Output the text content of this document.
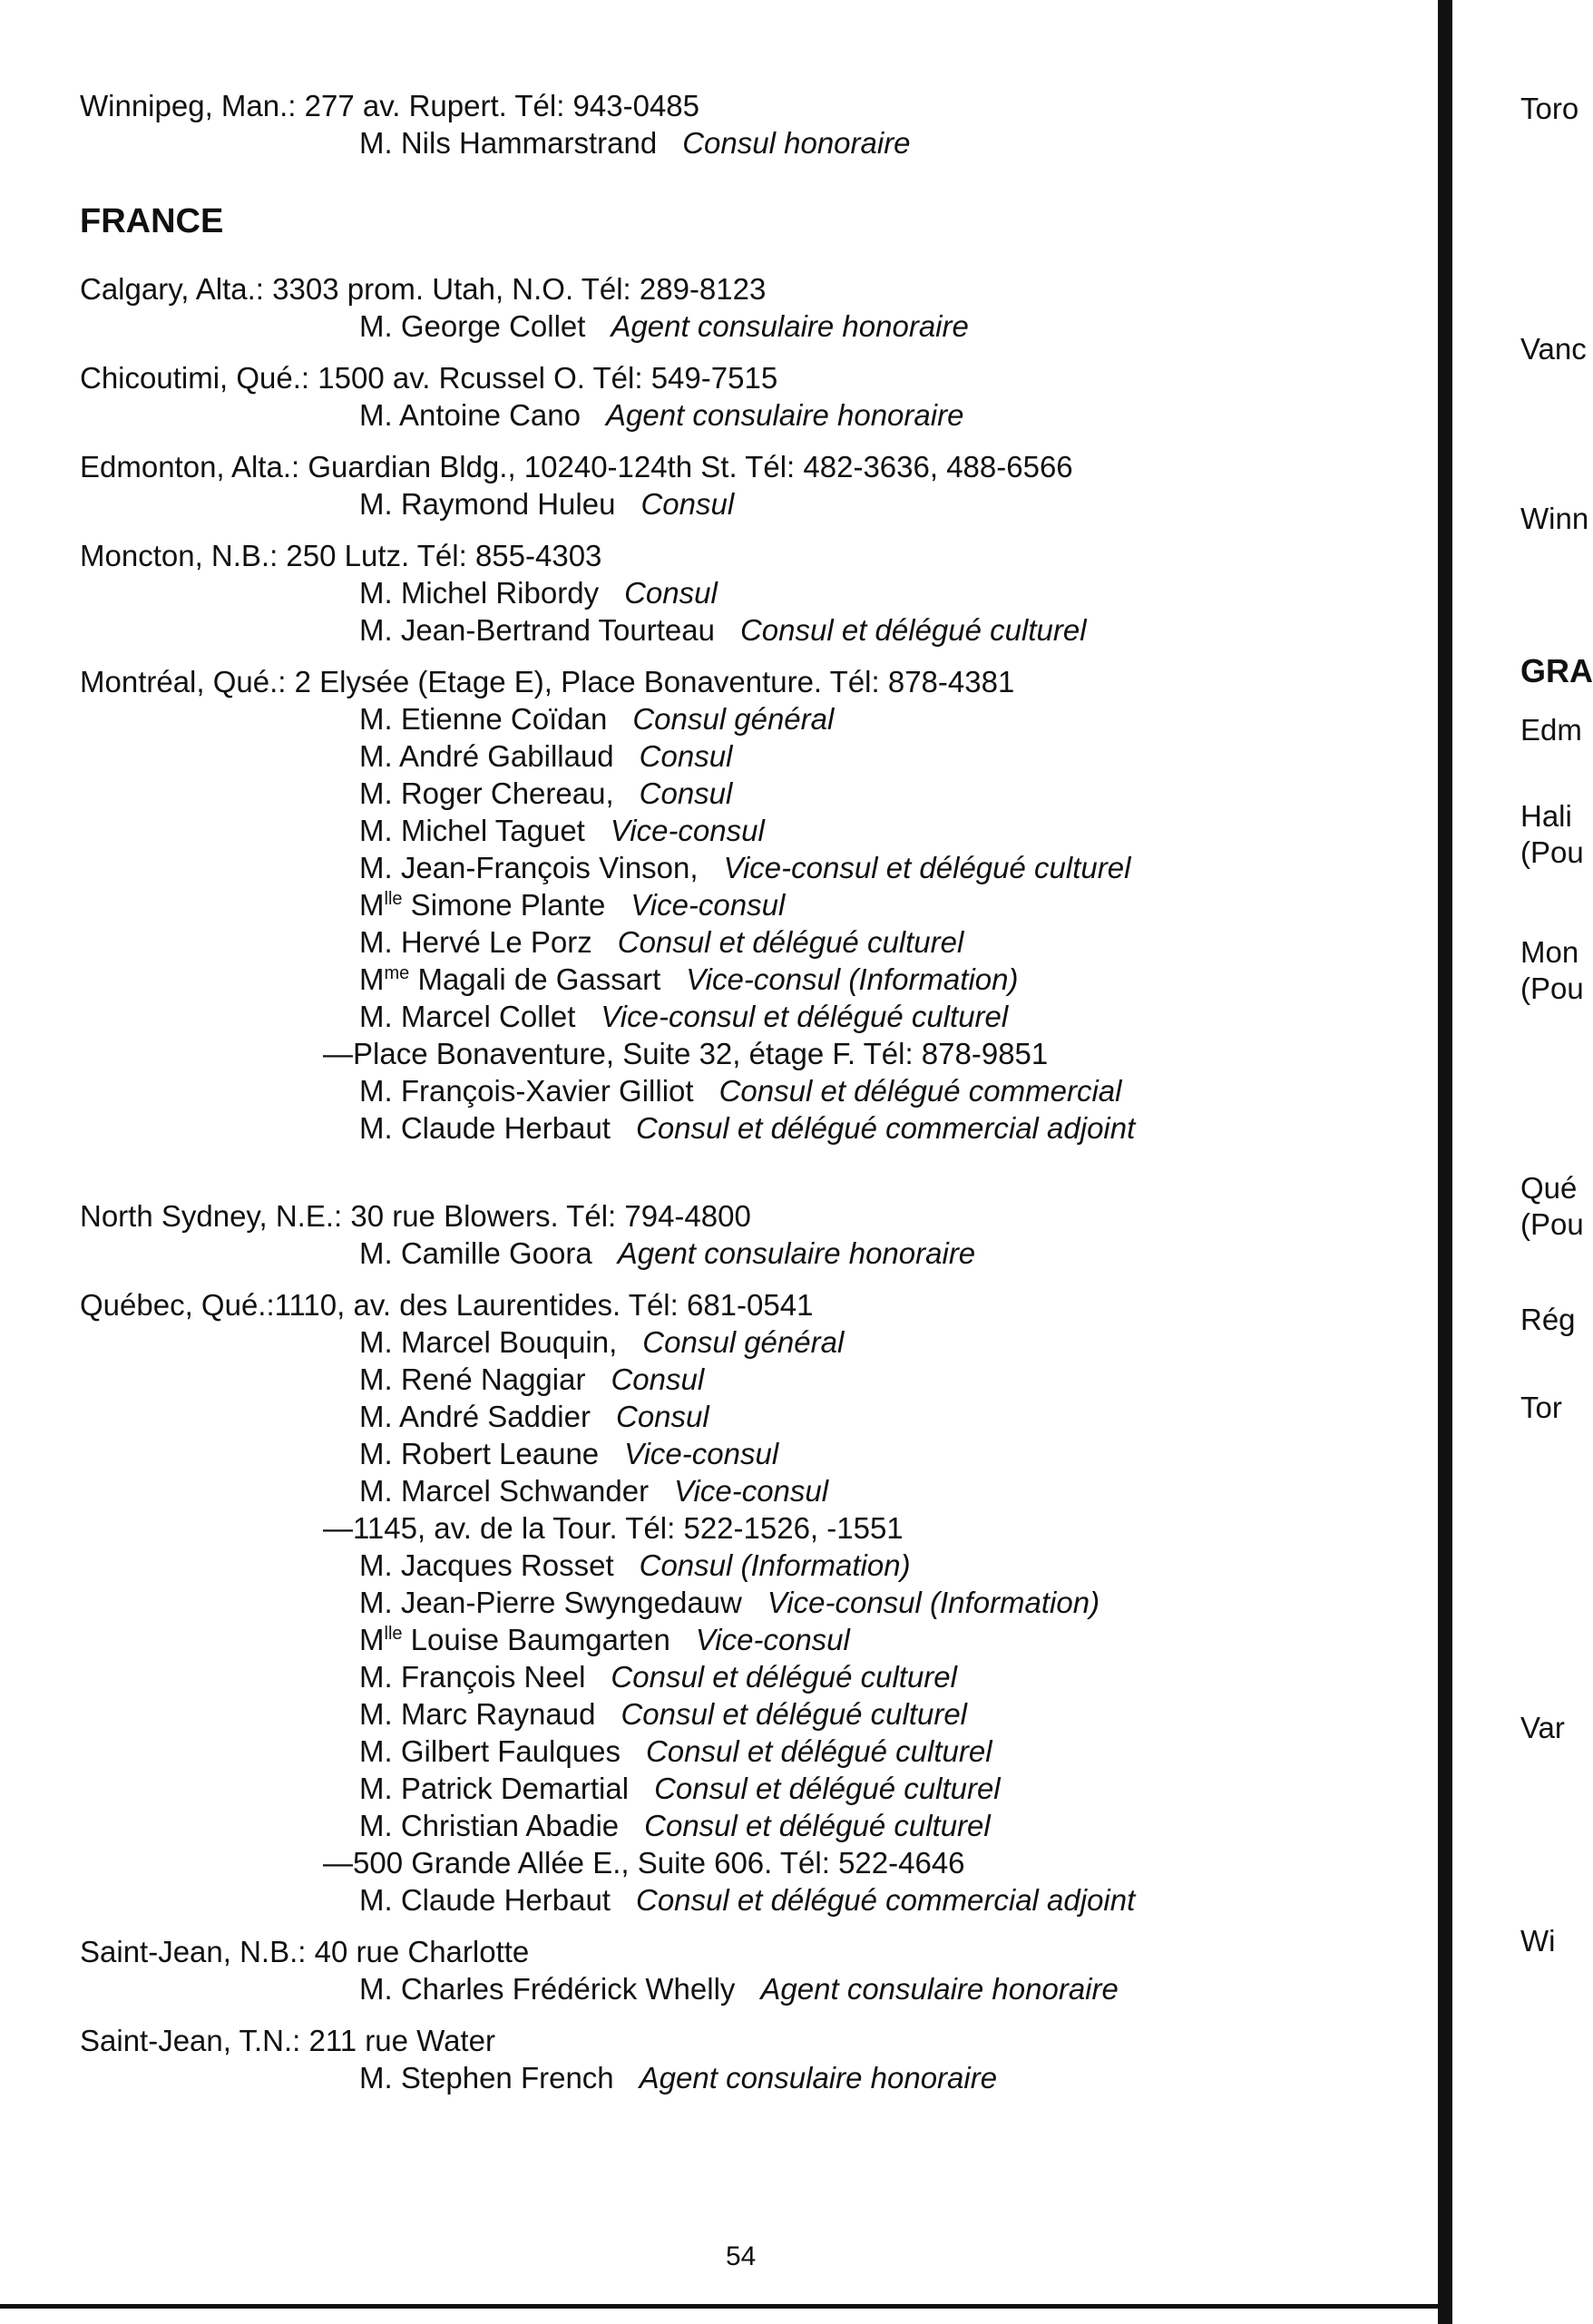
Winnipeg, Man.: 277 av. Rupert. Tél: 943-0485
M. Nils Hammarstrand Consul honoraire
FRANCE
Calgary, Alta.: 3303 prom. Utah, N.O. Tél: 289-8123
M. George Collet Agent consulaire honoraire
Chicoutimi, Qué.: 1500 av. Rcussel O. Tél: 549-7515
M. Antoine Cano Agent consulaire honoraire
Edmonton, Alta.: Guardian Bldg., 10240-124th St. Tél: 482-3636, 488-6566
M. Raymond Huleu Consul
Moncton, N.B.: 250 Lutz. Tél: 855-4303
M. Michel Ribordy Consul
M. Jean-Bertrand Tourteau Consul et délégué culturel
Montréal, Qué.: 2 Elysée (Etage E), Place Bonaventure. Tél: 878-4381
M. Etienne Coïdan Consul général
M. André Gabillaud Consul
M. Roger Chereau, Consul
M. Michel Taguet Vice-consul
M. Jean-François Vinson, Vice-consul et délégué culturel
$M^{lle}$ Simone Plante Vice-consul
M. Hervé Le Porz Consul et délégué culturel
$M^{me}$ Magali de Gassart Vice-consul (Information)
M. Marcel Collet Vice-consul et délégué culturel
—Place Bonaventure, Suite 32, étage F. Tél: 878-9851
M. François-Xavier Gilliot Consul et délégué commercial
M. Claude Herbaut Consul et délégué commercial adjoint
North Sydney, N.E.: 30 rue Blowers. Tél: 794-4800
M. Camille Goora Agent consulaire honoraire
Québec, Qué.:1110, av. des Laurentides. Tél: 681-0541
M. Marcel Bouquin, Consul général
M. René Naggiar Consul
M. André Saddier Consul
M. Robert Leaune Vice-consul
M. Marcel Schwander Vice-consul
—1145, av. de la Tour. Tél: 522-1526, -1551
M. Jacques Rosset Consul (Information)
M. Jean-Pierre Swyngedauw Vice-consul (Information)
$M^{lle}$ Louise Baumgarten Vice-consul
M. François Neel Consul et délégué culturel
M. Marc Raynaud Consul et délégué culturel
M. Gilbert Faulques Consul et délégué culturel
M. Patrick Demartial Consul et délégué culturel
M. Christian Abadie Consul et délégué culturel
—500 Grande Allée E., Suite 606. Tél: 522-4646
M. Claude Herbaut Consul et délégué commercial adjoint
Saint-Jean, N.B.: 40 rue Charlotte
M. Charles Frédérick Whelly Agent consulaire honoraire
Saint-Jean, T.N.: 211 rue Water
M. Stephen French Agent consulaire honoraire
54
Toro
Vanc
Winn
GRA
Edm
Hali
(Pou
Mon
(Pou
Qué
(Pou
Rég
Tor
Var
Wi
